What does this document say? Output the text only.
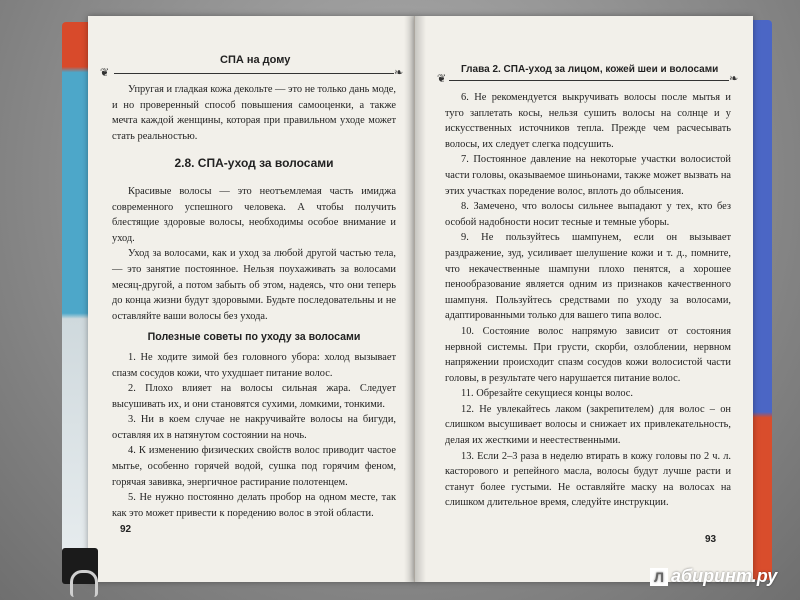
❦
СПА на дому
❧

Упругая и гладкая кожа декольте — это не только дань моде, и но проверенный способ повышения самооценки, а также мечта каждой женщины, которая при правильном уходе может стать реальностью.

2.8. СПА-уход за волосами

Красивые волосы — это неотъемлемая часть имиджа современного успешного человека. А чтобы получить блестящие здоровые волосы, необходимы особое внимание и уход.

Уход за волосами, как и уход за любой другой частью тела, — это занятие постоянное. Нельзя поухаживать за волосами месяц-другой, а потом забыть об этом, надеясь, что они теперь до конца жизни будут здоровыми. Будьте последовательны и не оставляйте ваши волосы без ухода.

Полезные советы по уходу за волосами

1. Не ходите зимой без головного убора: холод вызывает спазм сосудов кожи, что ухудшает питание волос.

2. Плохо влияет на волосы сильная жара. Следует высушивать их, и они становятся сухими, ломкими, тонкими.

3. Ни в коем случае не накручивайте волосы на бигуди, оставляя их в натянутом состоянии на ночь.

4. К изменению физических свойств волос приводит частое мытье, особенно горячей водой, сушка под горячим феном, горячая завивка, энергичное растирание полотенцем.

5. Не нужно постоянно делать пробор на одном месте, так как это может привести к поредению волос в этой области.

92
❦
Глава 2. СПА-уход за лицом, кожей шеи и волосами
❧

6. Не рекомендуется выкручивать волосы после мытья и туго заплетать косы, нельзя сушить волосы на солнце и у искусственных источников тепла. Прежде чем расчесывать волосы, их следует слегка подсушить.

7. Постоянное давление на некоторые участки волосистой части головы, оказываемое шиньонами, также может вызвать на этих участках поредение волос, вплоть до облысения.

8. Замечено, что волосы сильнее выпадают у тех, кто без особой надобности носит тесные и темные уборы.

9. Не пользуйтесь шампунем, если он вызывает раздражение, зуд, усиливает шелушение кожи и т. д., помните, что некачественные шампуни плохо пенятся, а хорошее пенообразование является одним из признаков качественного шампуня. Пользуйтесь средствами по уходу за волосами, адаптированными только для вашего типа волос.

10. Состояние волос напрямую зависит от состояния нервной системы. При грусти, скорби, озлоблении, нервном напряжении происходит спазм сосудов кожи волосистой части головы, в результате чего нарушается питание волос.

11. Обрезайте секущиеся концы волос.

12. Не увлекайтесь лаком (закрепителем) для волос – он слишком высушивает волосы и снижает их привлекательность, делая их жесткими и неестественными.

13. Если 2–3 раза в неделю втирать в кожу головы по 2 ч. л. касторового и репейного масла, волосы будут лучше расти и станут более густыми. Не оставляйте маску на волосах на слишком длительное время, следуйте инструкции.

93
Л абиринт.ру
